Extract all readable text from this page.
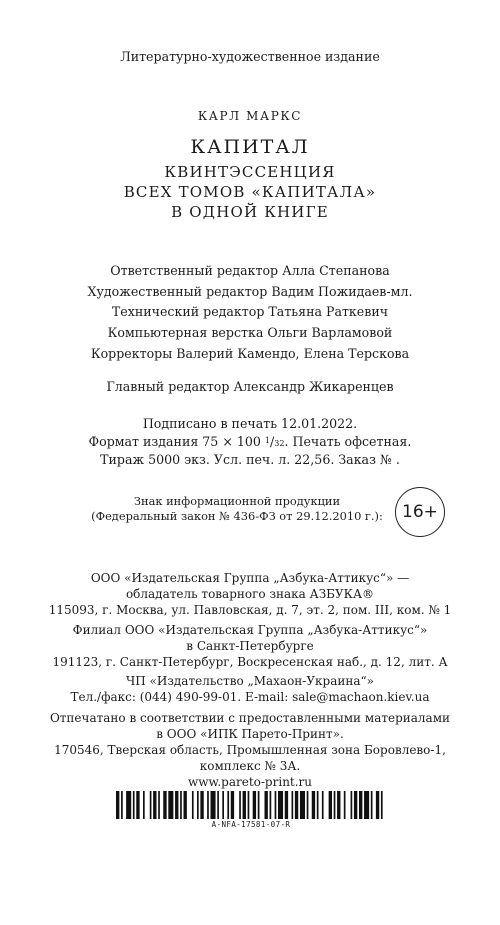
Литературно-художественное издание
КАРЛ МАРКС
КАПИТАЛ
КВИНТЭССЕНЦИЯ
ВСЕХ ТОМОВ «КАПИТАЛА»
В ОДНОЙ КНИГЕ
Ответственный редактор Алла Степанова
Художественный редактор Вадим Пожидаев-мл.
Технический редактор Татьяна Раткевич
Компьютерная верстка Ольги Варламовой
Корректоры Валерий Камендо, Елена Терскова
Главный редактор Александр Жикаренцев
Подписано в печать 12.01.2022.
Формат издания 75 × 100 $^1$/32. Печать офсетная.
Тираж 5000 экз. Усл. печ. л. 22,56. Заказ № .
Знак информационной продукции
(Федеральный закон № 436-ФЗ от 29.12.2010 г.):	16+
ООО «Издательская Группа „Азбука-Аттикус“» —
обладатель товарного знака АЗБУКА®
115093, г. Москва, ул. Павловская, д. 7, эт. 2, пом. III, ком. № 1
Филиал ООО «Издательская Группа „Азбука-Аттикус“»
в Санкт-Петербурге
191123, г. Санкт-Петербург, Воскресенская наб., д. 12, лит. А
ЧП «Издательство „Махаон-Украина“»
Тел./факс: (044) 490-99-01. E-mail: sale@machaon.kiev.ua
Отпечатано в соответствии с предоставленными материалами
в ООО «ИПК Парето-Принт».
170546, Тверская область, Промышленная зона Боровлево-1,
комплекс № 3А.
www.pareto-print.ru
A-NFA-17581-07-R
